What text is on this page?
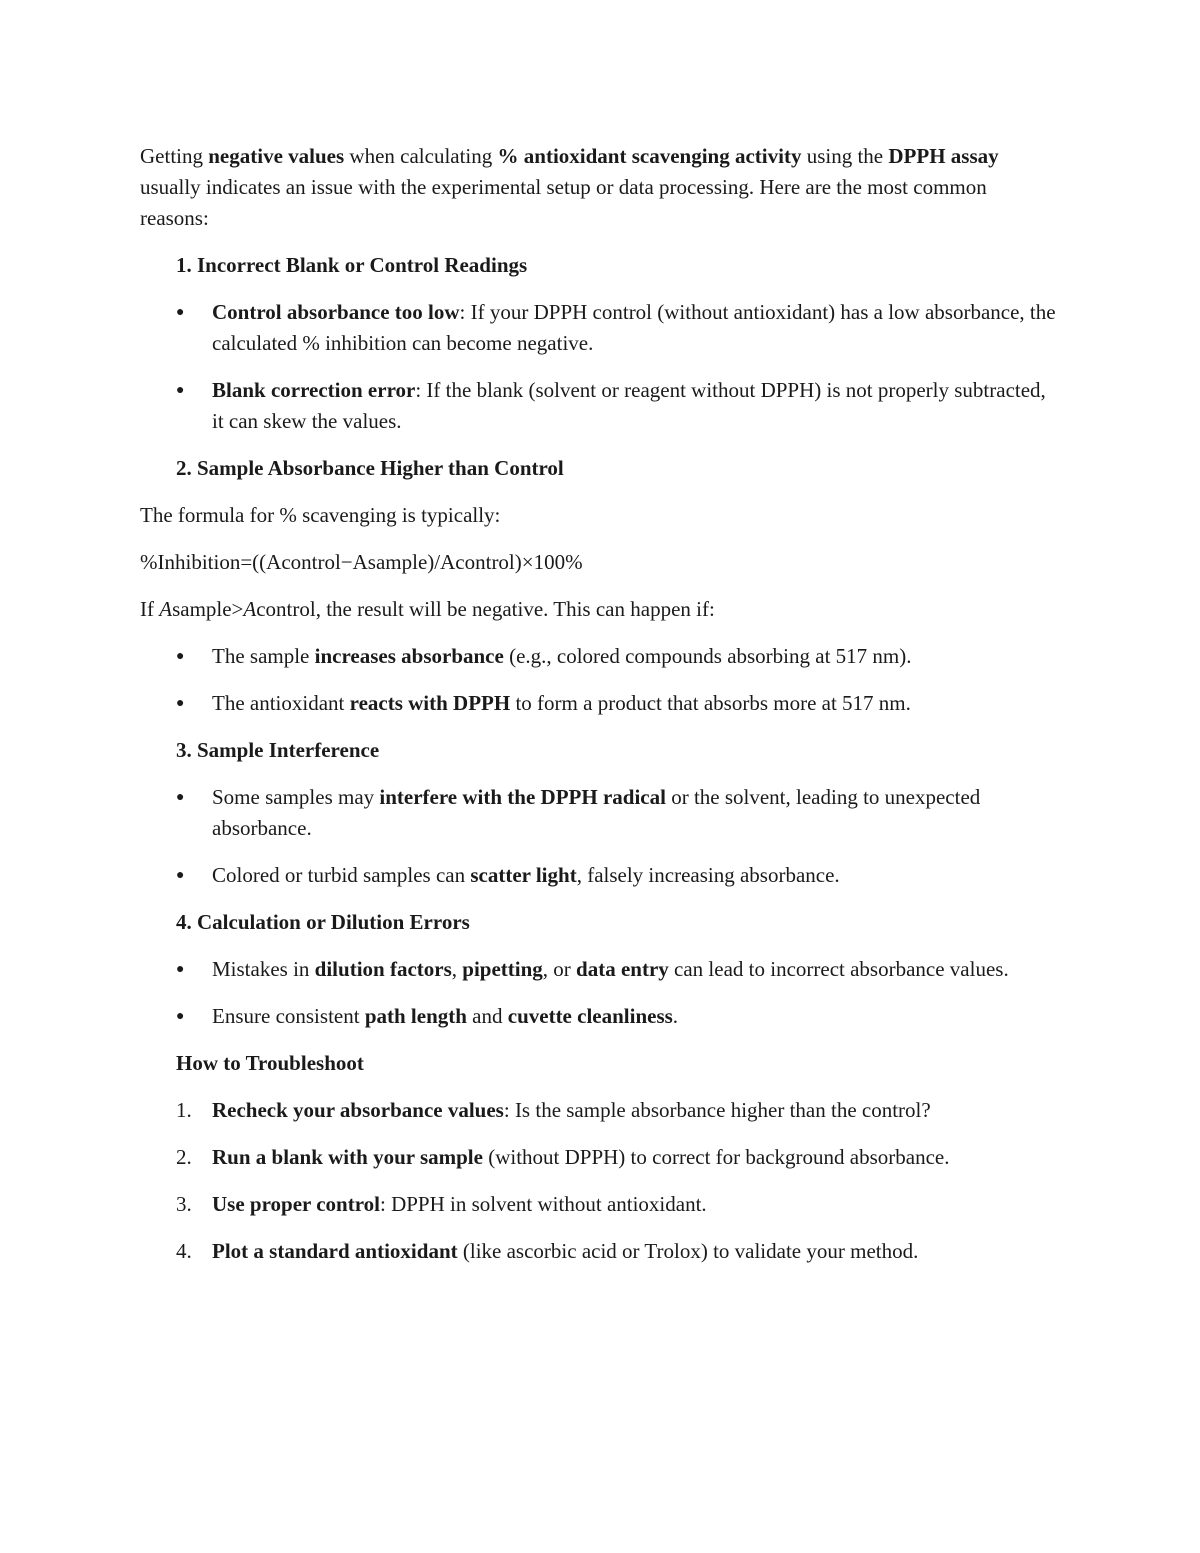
Getting negative values when calculating % antioxidant scavenging activity using the DPPH assay usually indicates an issue with the experimental setup or data processing. Here are the most common reasons:

1. Incorrect Blank or Control Readings

● Control absorbance too low: If your DPPH control (without antioxidant) has a low absorbance, the calculated % inhibition can become negative.
● Blank correction error: If the blank (solvent or reagent without DPPH) is not properly subtracted, it can skew the values.

2. Sample Absorbance Higher than Control

The formula for % scavenging is typically:

%Inhibition=((Acontrol−Asample)/Acontrol)×100%

If Asample>Acontrol, the result will be negative. This can happen if:

● The sample increases absorbance (e.g., colored compounds absorbing at 517 nm).
● The antioxidant reacts with DPPH to form a product that absorbs more at 517 nm.

3. Sample Interference

● Some samples may interfere with the DPPH radical or the solvent, leading to unexpected absorbance.
● Colored or turbid samples can scatter light, falsely increasing absorbance.

4. Calculation or Dilution Errors

● Mistakes in dilution factors, pipetting, or data entry can lead to incorrect absorbance values.
● Ensure consistent path length and cuvette cleanliness.

How to Troubleshoot

1. Recheck your absorbance values: Is the sample absorbance higher than the control?
2. Run a blank with your sample (without DPPH) to correct for background absorbance.
3. Use proper control: DPPH in solvent without antioxidant.
4. Plot a standard antioxidant (like ascorbic acid or Trolox) to validate your method.
